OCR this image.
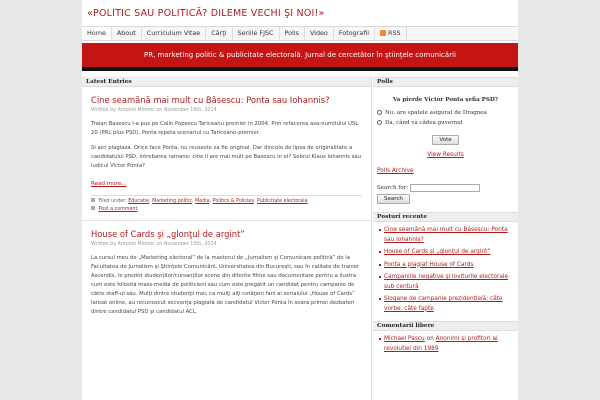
«POLITIC SAU POLITICĂ? DILEME VECHI ŞI NOI!»
Home	About	Curriculum Vitae	Cărţi	Seriile FJSC	Polls	Video	Fotografii	RSS
PR, marketing politic & publicitate electorală. Jurnal de cercetător în ştiinţele comunicării
Latest Entries
Cine seamănă mai mult cu Băsescu: Ponta sau Iohannis?
Written by Antonio Momoc on November 16th, 2014

Traian Basescu l-a pus pe Calin Popescu Tariceanu premier in 2004. Prin refacerea asa-numitului USL 20 (PRL plus PSD), Ponta repeta scenariul cu Tariceanu-premier.

Si aici plagiaza. Orice face Ponta, nu reuseste sa fie original. Dar dincolo de lipsa de originalitate a candidatului PSD, intrebarea ramane: cine il are mai mult pe Basescu in el? Sobrul Klaus Iohannis sau ludicul Victor Ponta?

Read more...
Filed under: Educatie, Marketing politic, Media, Politics & Policies, Publicitate electorala
Post a comment
House of Cards şi „glonţul de argint”
Written by Antonio Momoc on November 15th, 2014

La cursul meu de „Marketing electoral” de la masterul de „Jurnalism şi Comunicare politică” de la Facultatea de Jurnalism şi Ştiinţele Comunicării, Universitatea din Bucureşti, sau în calitate de trainer Ascendis, le prezint studenţilor/cursanţilor scene din diferite filme sau documentare pentru a ilustra cum este folosită mass-media de politicieni sau cum este pregătit un candidat pentru campanie de către staff-ul său. Mulţi dintre studenţii mei, ca mulţi alţi cetăţeni fani ai serialului „House of Cards” lansat online, au recunoscut secvenţa plagiată de candidatul Victor Ponta în seara primei dezbateri dintre candidatul PSD şi candidatul ACL.

Polls
Va pierde Victor Ponta şefia PSD?
Nu, are spatele asigurat de Dragnea
Da, când va cădea guvernul
Vote
View Results
Polls Archive
Search for:
Search
Posturi recente
Cine seamănă mai mult cu Băsescu: Ponta sau Iohannis?
House of Cards şi „glonţul de argint”
Ponta a plagiat House of Cards
Campaniile negative şi loviturile electorale sub centură
Slogane de campanie prezidenţială: câte vorbe, câte fapte
Comentarii libere
Michael Pascu on Anonimi şi profitori ai revolutiei din 1989
